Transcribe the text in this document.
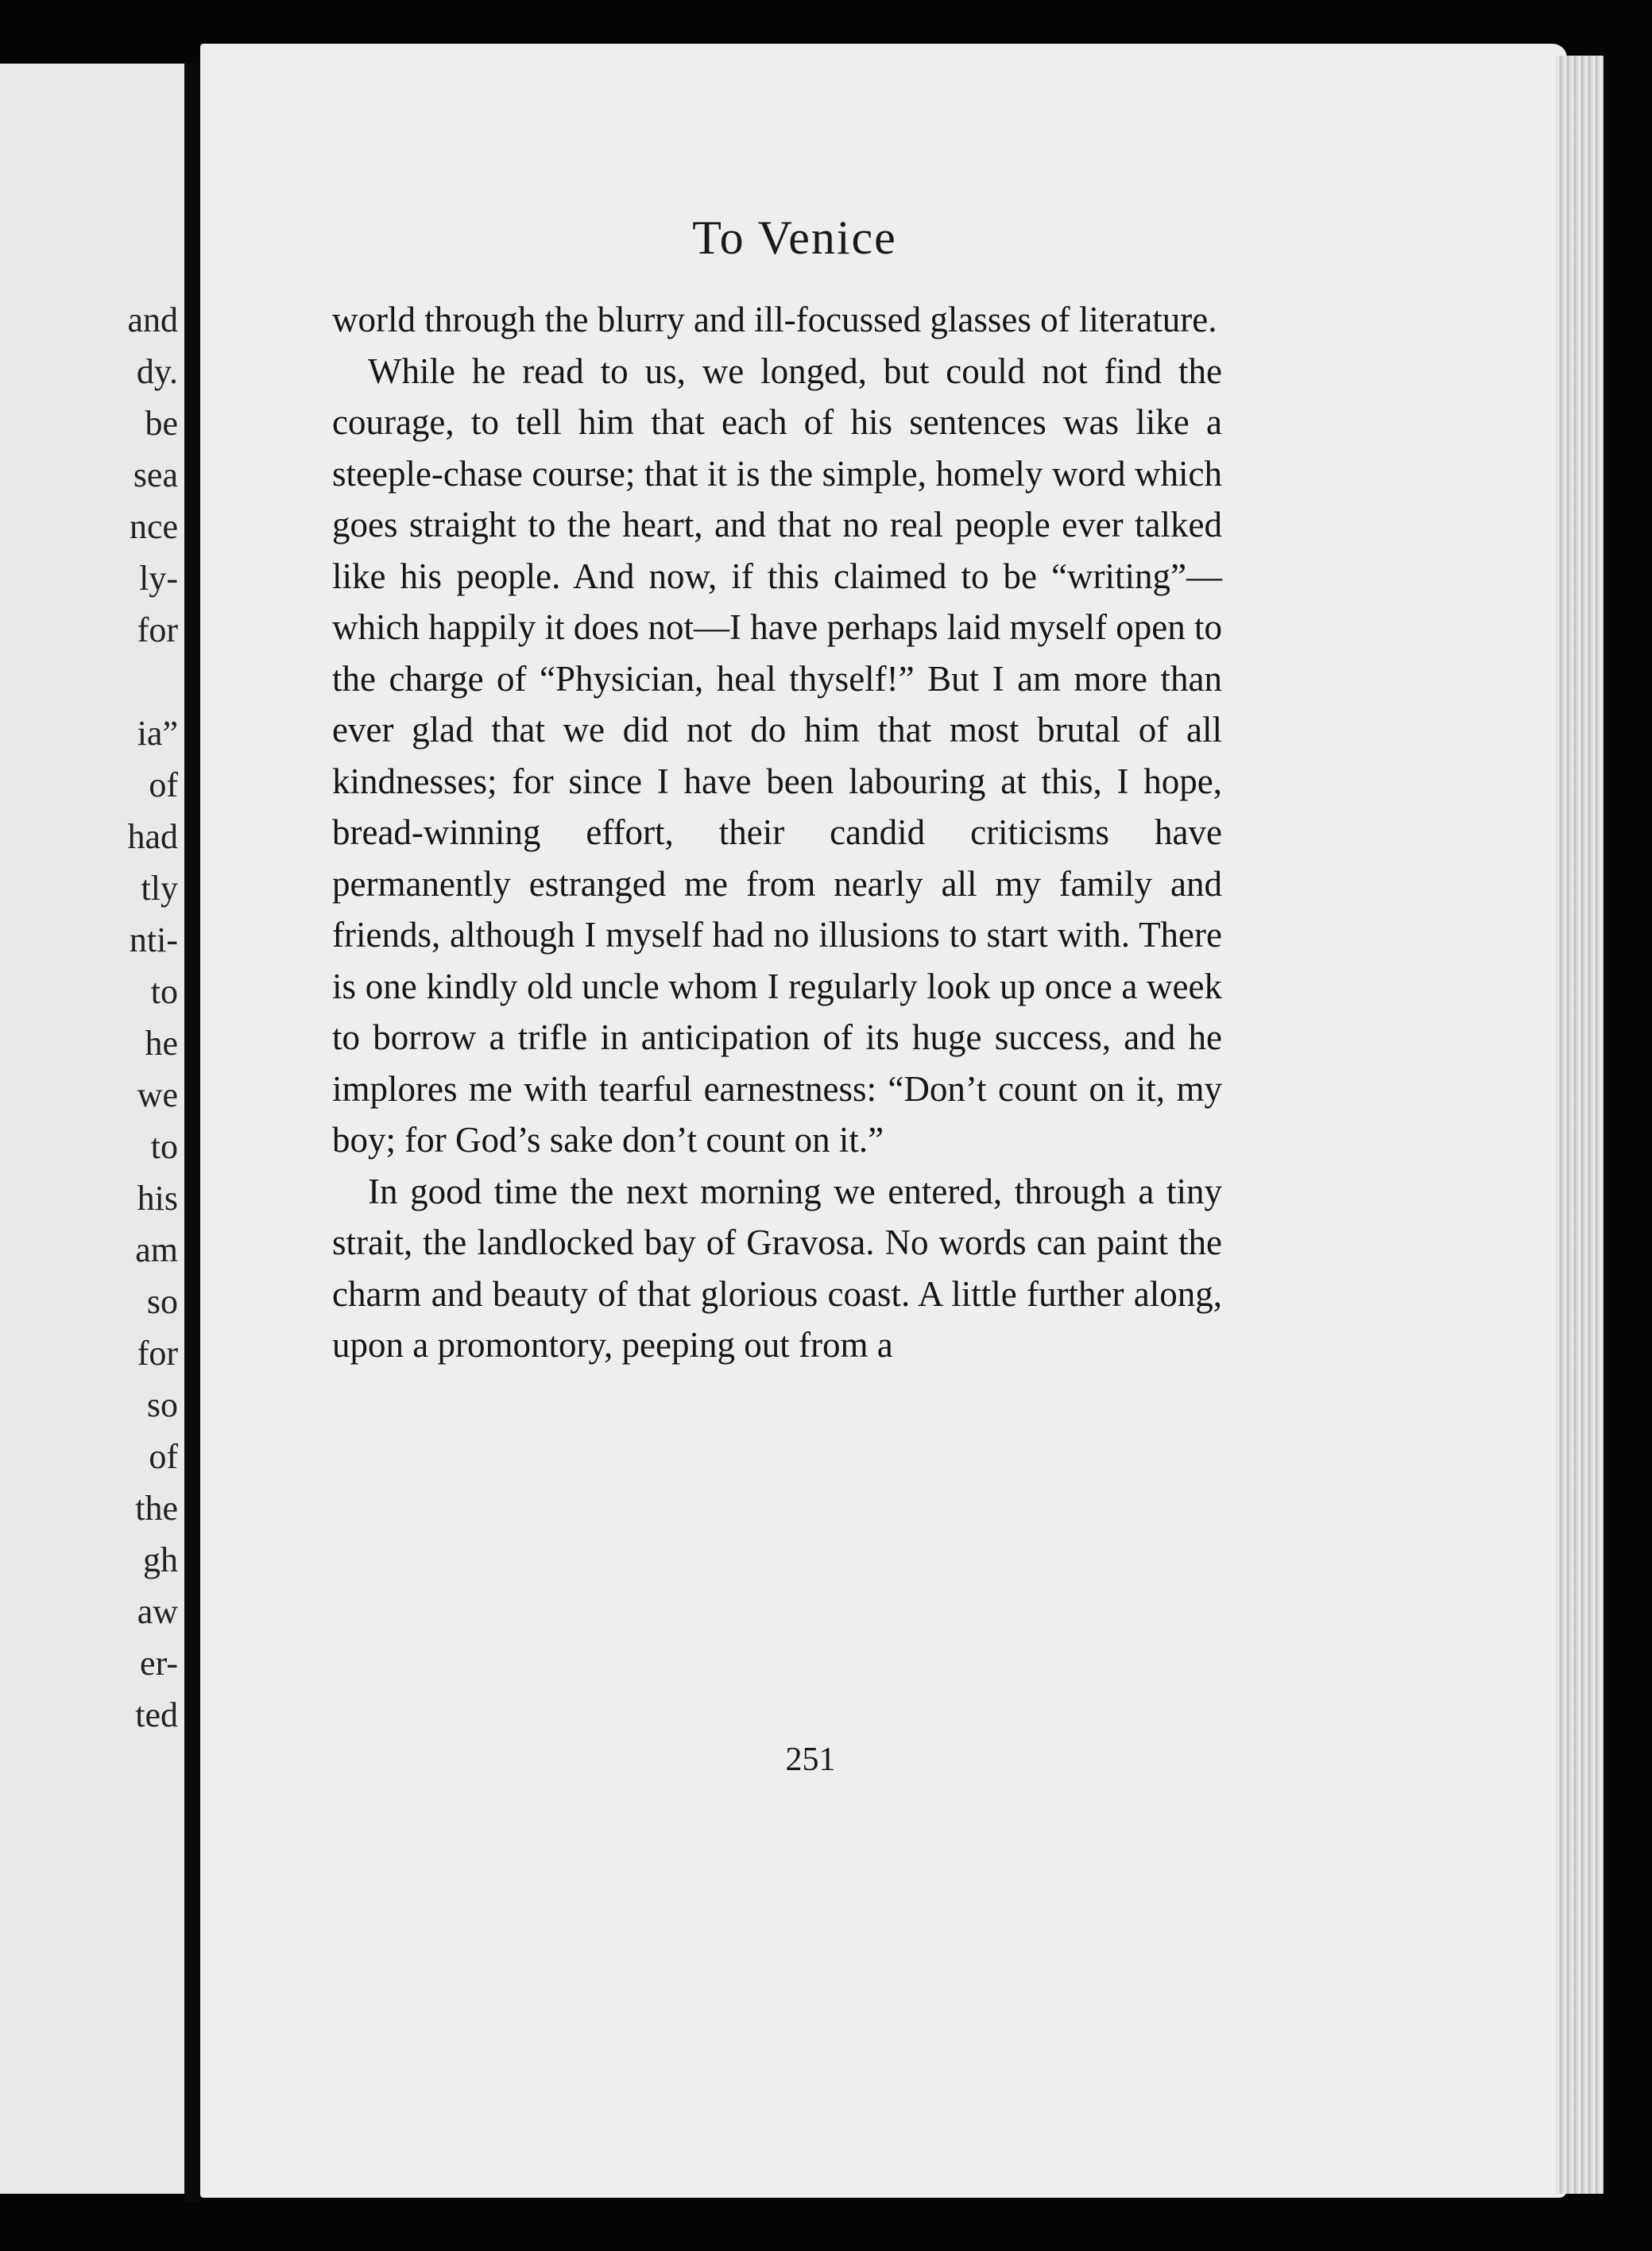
and
dy.
be
sea
nce
ly-
for
ia”
of
had
tly
nti-
to
he
we
to
his
am
so
for
so
of
the
gh
aw
er-
ted
To Venice

world through the blurry and ill-focussed glasses of literature.

While he read to us, we longed, but could not find the courage, to tell him that each of his sentences was like a steeple-chase course; that it is the simple, homely word which goes straight to the heart, and that no real people ever talked like his people. And now, if this claimed to be “writing”—which happily it does not—I have perhaps laid myself open to the charge of “Physician, heal thyself!” But I am more than ever glad that we did not do him that most brutal of all kindnesses; for since I have been labouring at this, I hope, bread-winning effort, their candid criticisms have permanently estranged me from nearly all my family and friends, although I myself had no illusions to start with. There is one kindly old uncle whom I regularly look up once a week to borrow a trifle in anticipation of its huge success, and he implores me with tearful earnestness: “Don’t count on it, my boy; for God’s sake don’t count on it.”

In good time the next morning we entered, through a tiny strait, the landlocked bay of Gravosa. No words can paint the charm and beauty of that glorious coast. A little further along, upon a promontory, peeping out from a

251
